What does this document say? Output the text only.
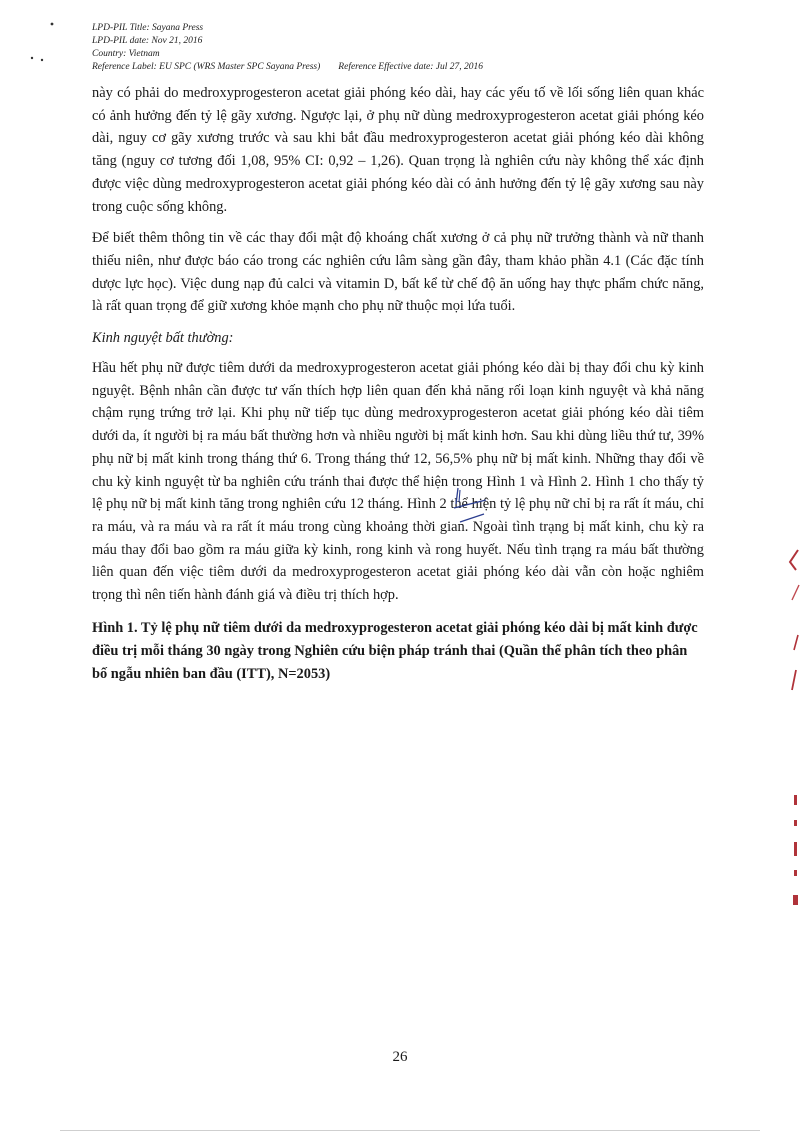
LPD-PIL Title: Sayana Press
LPD-PIL date: Nov 21, 2016
Country: Vietnam
Reference Label: EU SPC (WRS Master SPC Sayana Press) Reference Effective date: Jul 27, 2016

này có phải do medroxyprogesteron acetat giải phóng kéo dài, hay các yếu tố về lối sống liên quan khác có ảnh hưởng đến tỷ lệ gãy xương. Ngược lại, ở phụ nữ dùng medroxyprogesteron acetat giải phóng kéo dài, nguy cơ gãy xương trước và sau khi bắt đầu medroxyprogesteron acetat giải phóng kéo dài không tăng (nguy cơ tương đối 1,08, 95% CI: 0,92 – 1,26). Quan trọng là nghiên cứu này không thể xác định được việc dùng medroxyprogesteron acetat giải phóng kéo dài có ảnh hưởng đến tỷ lệ gãy xương sau này trong cuộc sống không.

Để biết thêm thông tin về các thay đổi mật độ khoáng chất xương ở cả phụ nữ trưởng thành và nữ thanh thiếu niên, như được báo cáo trong các nghiên cứu lâm sàng gần đây, tham khảo phần 4.1 (Các đặc tính dược lực học). Việc dung nạp đủ calci và vitamin D, bất kể từ chế độ ăn uống hay thực phẩm chức năng, là rất quan trọng để giữ xương khỏe mạnh cho phụ nữ thuộc mọi lứa tuổi.

Kinh nguyệt bất thường:

Hầu hết phụ nữ được tiêm dưới da medroxyprogesteron acetat giải phóng kéo dài bị thay đổi chu kỳ kinh nguyệt. Bệnh nhân cần được tư vấn thích hợp liên quan đến khả năng rối loạn kinh nguyệt và khả năng chậm rụng trứng trở lại. Khi phụ nữ tiếp tục dùng medroxyprogesteron acetat giải phóng kéo dài tiêm dưới da, ít người bị ra máu bất thường hơn và nhiều người bị mất kinh hơn. Sau khi dùng liều thứ tư, 39% phụ nữ bị mất kinh trong tháng thứ 6. Trong tháng thứ 12, 56,5% phụ nữ bị mất kinh. Những thay đổi về chu kỳ kinh nguyệt từ ba nghiên cứu tránh thai được thể hiện trong Hình 1 và Hình 2. Hình 1 cho thấy tỷ lệ phụ nữ bị mất kinh tăng trong nghiên cứu 12 tháng. Hình 2 thể hiện tỷ lệ phụ nữ chỉ bị ra rất ít máu, chỉ ra máu, và ra máu và ra rất ít máu trong cùng khoảng thời gian. Ngoài tình trạng bị mất kinh, chu kỳ ra máu thay đổi bao gồm ra máu giữa kỳ kinh, rong kinh và rong huyết. Nếu tình trạng ra máu bất thường liên quan đến việc tiêm dưới da medroxyprogesteron acetat giải phóng kéo dài vẫn còn hoặc nghiêm trọng thì nên tiến hành đánh giá và điều trị thích hợp.

Hình 1. Tỷ lệ phụ nữ tiêm dưới da medroxyprogesteron acetat giải phóng kéo dài bị mất kinh được điều trị mỗi tháng 30 ngày trong Nghiên cứu biện pháp tránh thai (Quần thể phân tích theo phân bố ngẫu nhiên ban đầu (ITT), N=2053)

26
